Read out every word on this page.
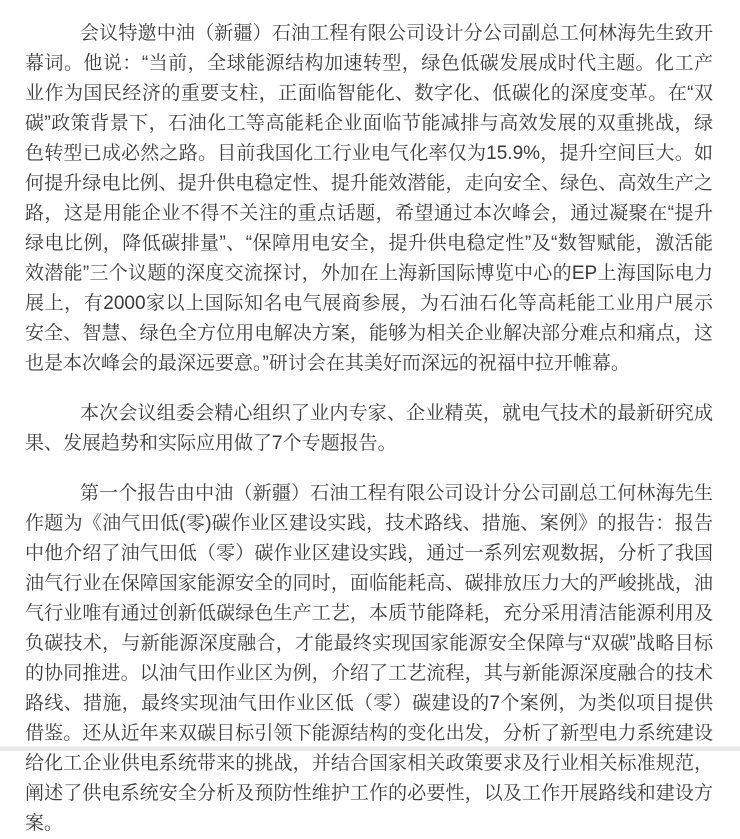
会议特邀中油（新疆）石油工程有限公司设计分公司副总工何林海先生致开幕词。他说：“当前，全球能源结构加速转型，绿色低碳发展成时代主题。化工产业作为国民经济的重要支柱，正面临智能化、数字化、低碳化的深度变革。在“双碳”政策背景下，石油化工等高能耗企业面临节能减排与高效发展的双重挑战，绿色转型已成必然之路。目前我国化工行业电气化率仅为15.9%，提升空间巨大。如何提升绿电比例、提升供电稳定性、提升能效潜能，走向安全、绿色、高效生产之路，这是用能企业不得不关注的重点话题，希望通过本次峰会，通过凝聚在“提升绿电比例，降低碳排量”、“保障用电安全，提升供电稳定性”及“数智赋能，激活能效潜能”三个议题的深度交流探讨，外加在上海新国际博览中心的EP上海国际电力展上，有2000家以上国际知名电气展商参展，为石油石化等高耗能工业用户展示安全、智慧、绿色全方位用电解决方案，能够为相关企业解决部分难点和痛点，这也是本次峰会的最深远要意。”研讨会在其美好而深远的祝福中拉开帷幕。

本次会议组委会精心组织了业内专家、企业精英，就电气技术的最新研究成果、发展趋势和实际应用做了7个专题报告。

第一个报告由中油（新疆）石油工程有限公司设计分公司副总工何林海先生作题为《油气田低(零)碳作业区建设实践，技术路线、措施、案例》的报告：报告中他介绍了油气田低（零）碳作业区建设实践，通过一系列宏观数据，分析了我国油气行业在保障国家能源安全的同时，面临能耗高、碳排放压力大的严峻挑战，油气行业唯有通过创新低碳绿色生产工艺，本质节能降耗，充分采用清洁能源利用及负碳技术，与新能源深度融合，才能最终实现国家能源安全保障与“双碳”战略目标的协同推进。以油气田作业区为例，介绍了工艺流程，其与新能源深度融合的技术路线、措施，最终实现油气田作业区低（零）碳建设的7个案例，为类似项目提供借鉴。还从近年来双碳目标引领下能源结构的变化出发，分析了新型电力系统建设给化工企业供电系统带来的挑战，并结合国家相关政策要求及行业相关标准规范，阐述了供电系统安全分析及预防性维护工作的必要性，以及工作开展路线和建设方案。
